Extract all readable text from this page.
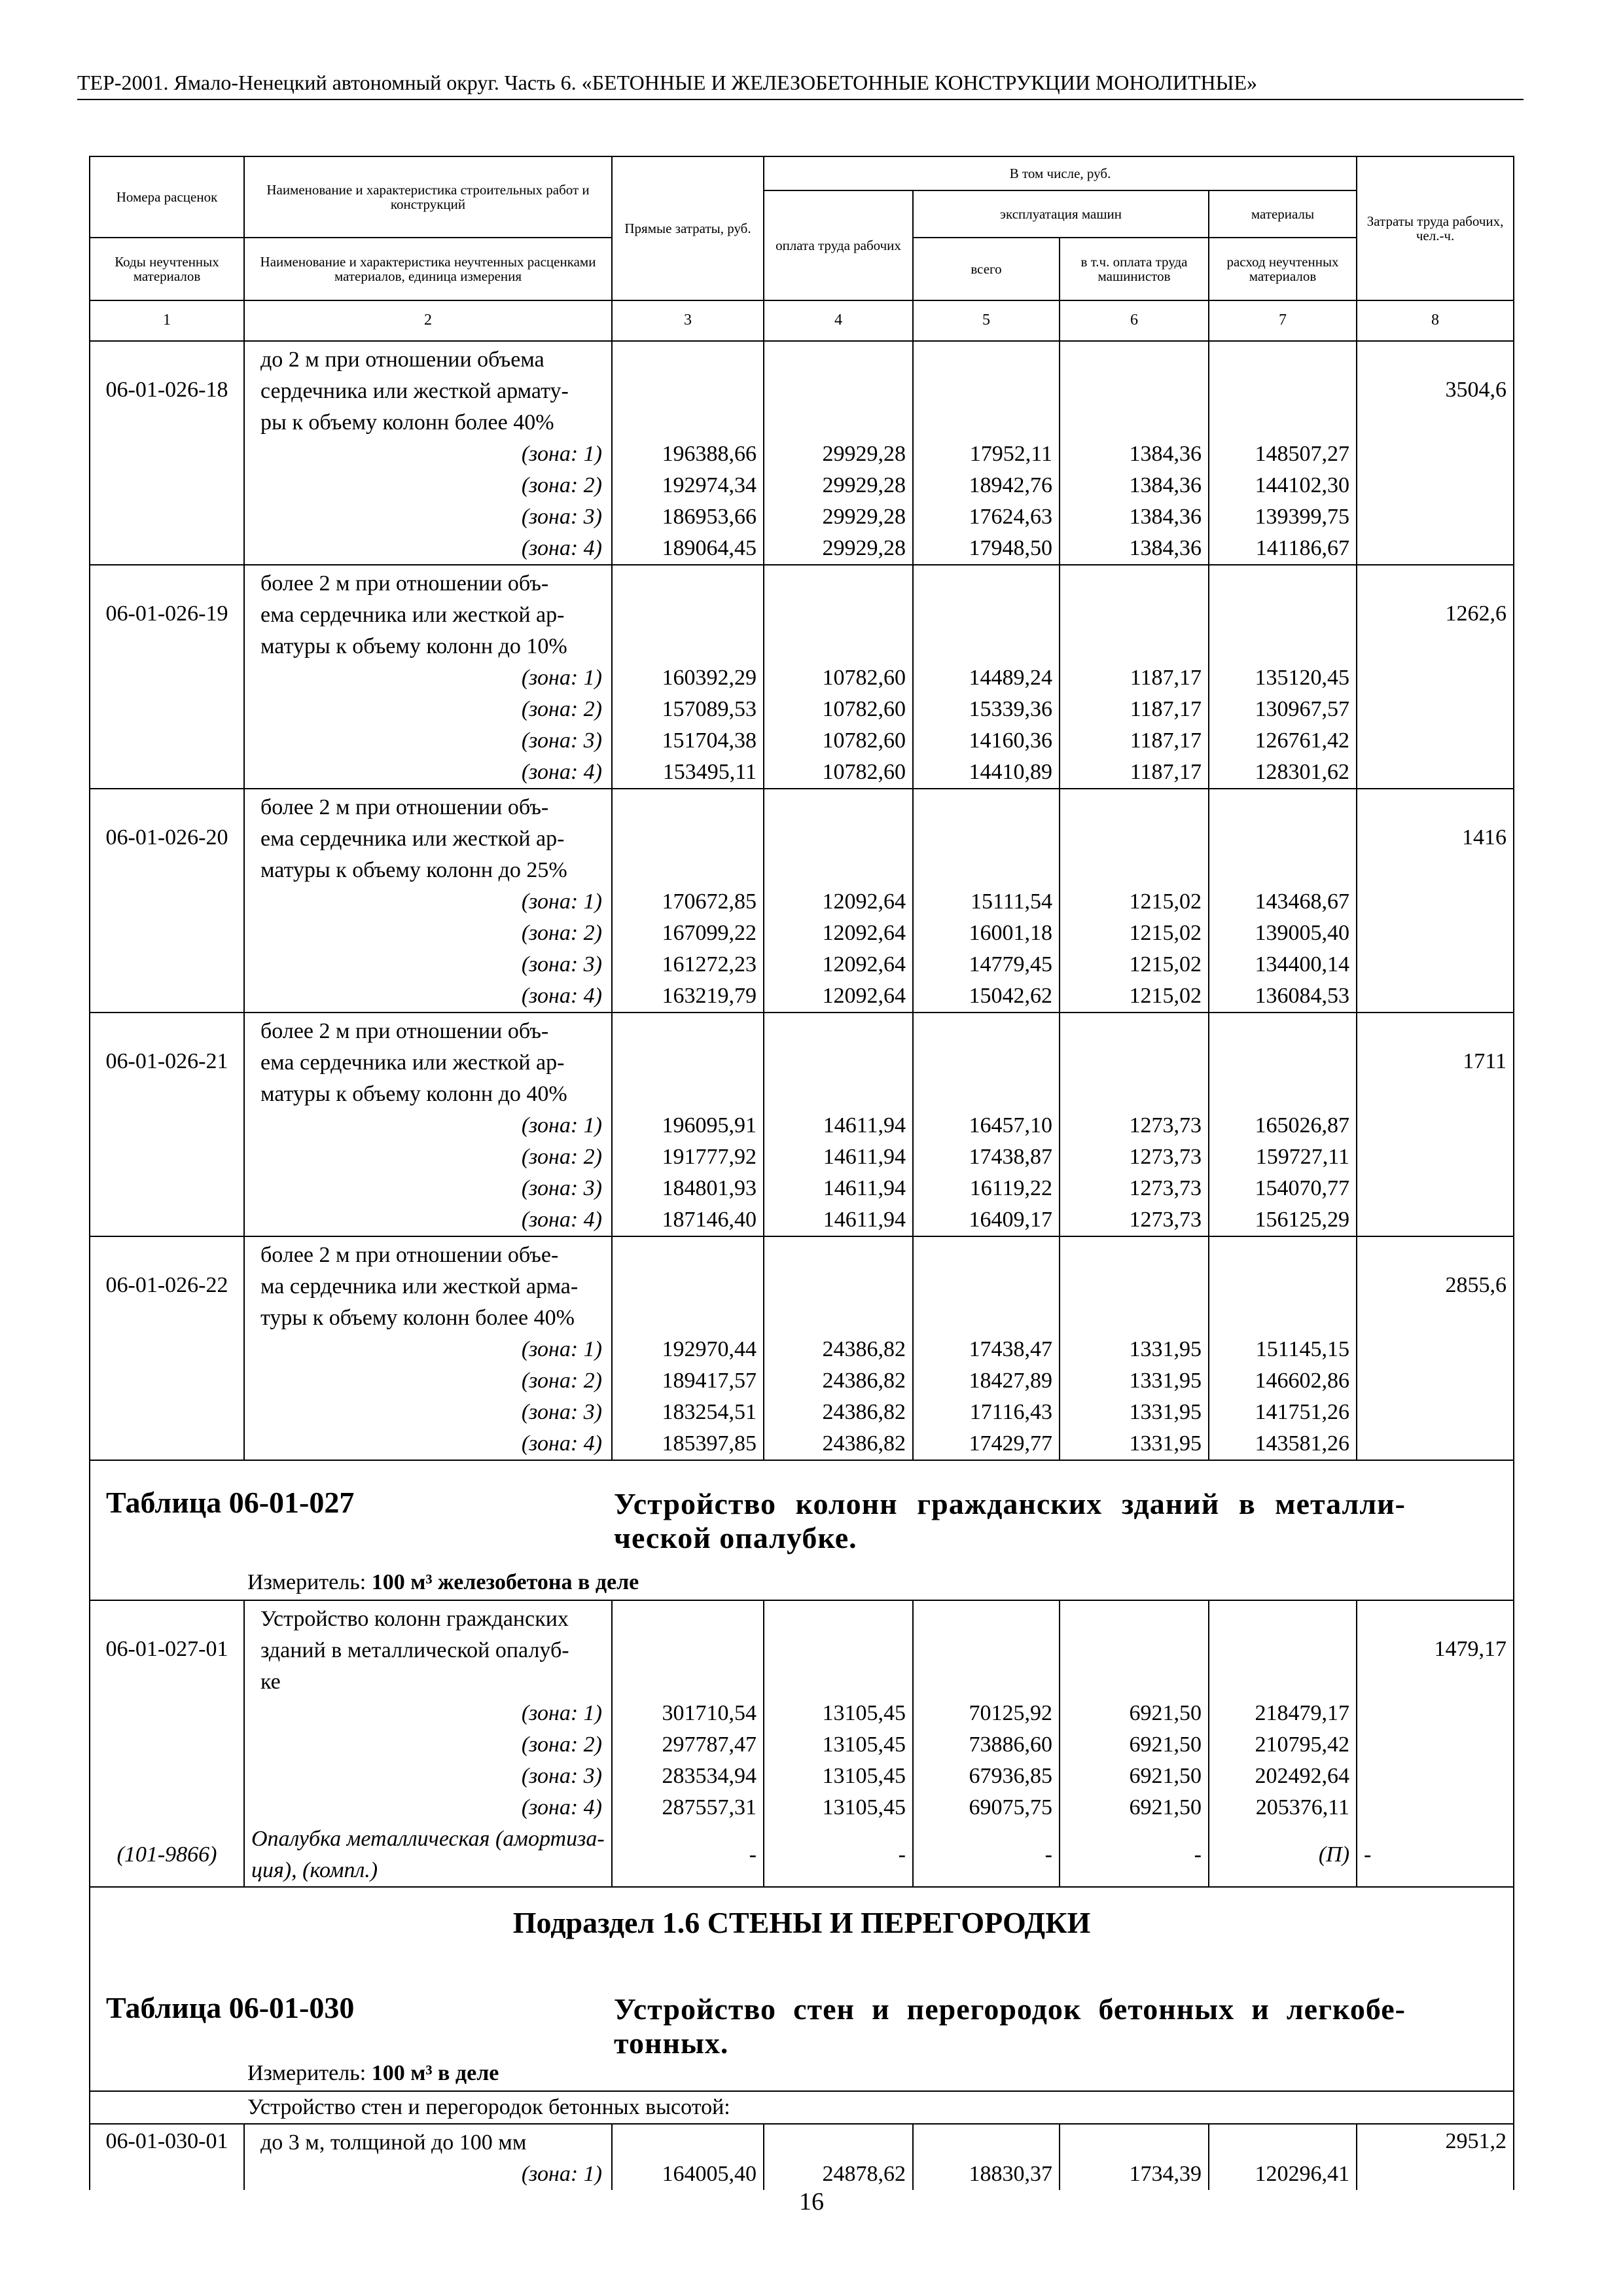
ТЕР-2001. Ямало-Ненецкий автономный округ. Часть 6. «БЕТОННЫЕ И ЖЕЛЕЗОБЕТОННЫЕ КОНСТРУКЦИИ МОНОЛИТНЫЕ»
Номера расценок	Наименование и характеристика строительных работ и конструкций	Прямые затраты, руб.	В том числе, руб.				Затраты труда рабочих, чел.-ч.
			оплата труда рабочих	эксплуатация машин		материалы	
Коды неучтенных материалов	Наименование и характеристика неучтенных расценками материалов, единица измерения			всего	в т.ч. оплата труда машинистов	расход неучтенных материалов	
1	2	3	4	5	6	7	8
06-01-026-18	до 2 м при отношении объема
сердечника или жесткой армату-
ры к объему колонн более 40%						3504,6
	(зона: 1)	196388,66	29929,28	17952,11	1384,36	148507,27	
	(зона: 2)	192974,34	29929,28	18942,76	1384,36	144102,30	
	(зона: 3)	186953,66	29929,28	17624,63	1384,36	139399,75	
	(зона: 4)	189064,45	29929,28	17948,50	1384,36	141186,67	
06-01-026-19	более 2 м при отношении объ-
ема сердечника или жесткой ар-
матуры к объему колонн до 10%						1262,6
	(зона: 1)	160392,29	10782,60	14489,24	1187,17	135120,45	
	(зона: 2)	157089,53	10782,60	15339,36	1187,17	130967,57	
	(зона: 3)	151704,38	10782,60	14160,36	1187,17	126761,42	
	(зона: 4)	153495,11	10782,60	14410,89	1187,17	128301,62	
06-01-026-20	более 2 м при отношении объ-
ема сердечника или жесткой ар-
матуры к объему колонн до 25%						1416
	(зона: 1)	170672,85	12092,64	15111,54	1215,02	143468,67	
	(зона: 2)	167099,22	12092,64	16001,18	1215,02	139005,40	
	(зона: 3)	161272,23	12092,64	14779,45	1215,02	134400,14	
	(зона: 4)	163219,79	12092,64	15042,62	1215,02	136084,53	
06-01-026-21	более 2 м при отношении объ-
ема сердечника или жесткой ар-
матуры к объему колонн до 40%						1711
	(зона: 1)	196095,91	14611,94	16457,10	1273,73	165026,87	
	(зона: 2)	191777,92	14611,94	17438,87	1273,73	159727,11	
	(зона: 3)	184801,93	14611,94	16119,22	1273,73	154070,77	
	(зона: 4)	187146,40	14611,94	16409,17	1273,73	156125,29	
06-01-026-22	более 2 м при отношении объе-
ма сердечника или жесткой арма-
туры к объему колонн более 40%						2855,6
	(зона: 1)	192970,44	24386,82	17438,47	1331,95	151145,15	
	(зона: 2)	189417,57	24386,82	18427,89	1331,95	146602,86	
	(зона: 3)	183254,51	24386,82	17116,43	1331,95	141751,26	
	(зона: 4)	185397,85	24386,82	17429,77	1331,95	143581,26	

Таблица 06-01-027 Устройство колонн гражданских зданий в металли-ческой опалубке.
Измеритель: 100 м³ железобетона в деле							

06-01-027-01	Устройство колонн гражданских
зданий в металлической опалуб-
ке						1479,17
	(зона: 1)	301710,54	13105,45	70125,92	6921,50	218479,17	
	(зона: 2)	297787,47	13105,45	73886,60	6921,50	210795,42	
	(зона: 3)	283534,94	13105,45	67936,85	6921,50	202492,64	
	(зона: 4)	287557,31	13105,45	69075,75	6921,50	205376,11	
(101-9866)	Опалубка металлическая (амортиза-ция), (компл.)	-	-	-	-	(П)	-

Подраздел 1.6 СТЕНЫ И ПЕРЕГОРОДКИ
Таблица 06-01-030 Устройство стен и перегородок бетонных и легкобе-тонных.
Измеритель: 100 м³ в деле							

Устройство стен и перегородок бетонных высотой:							
06-01-030-01	до 3 м, толщиной до 100 мм						2951,2
	(зона: 1)	164005,40	24878,62	18830,37	1734,39	120296,41	
16
